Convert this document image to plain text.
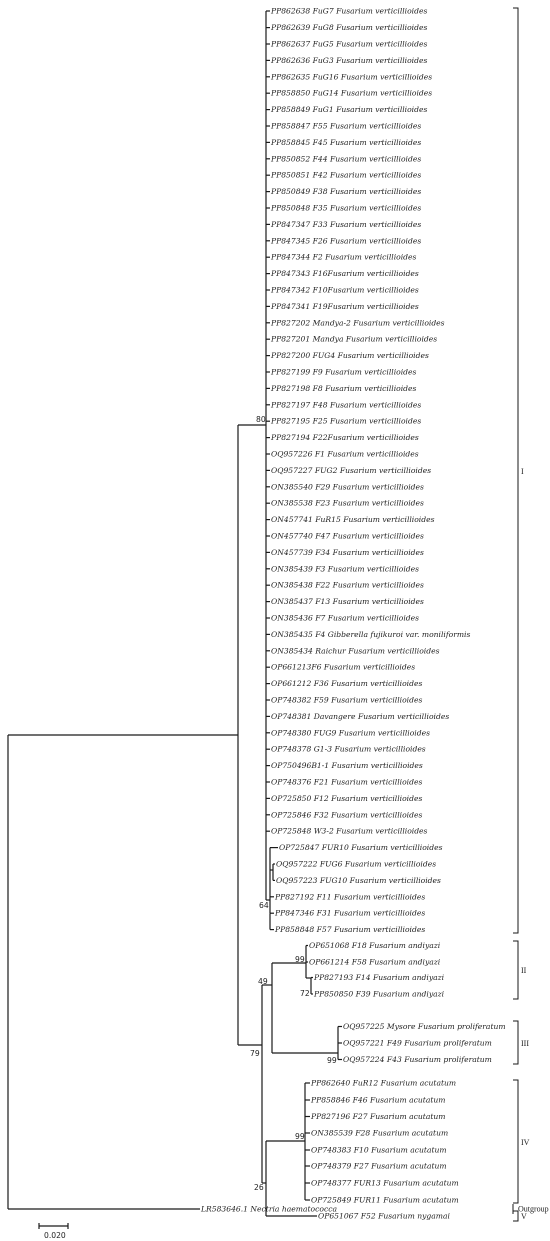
PP862638 FuG7 Fusarium verticillioides
PP862639 FuG8 Fusarium verticillioides
PP862637 FuG5 Fusarium verticillioides
PP862636 FuG3 Fusarium verticillioides
PP862635 FuG16 Fusarium verticillioides
PP858850 FuG14 Fusarium verticillioides
PP858849 FuG1 Fusarium verticillioides
PP858847 F55 Fusarium verticillioides
PP858845 F45 Fusarium verticillioides
PP850852 F44 Fusarium verticillioides
PP850851 F42 Fusarium verticillioides
PP850849 F38 Fusarium verticillioides
PP850848 F35 Fusarium verticillioides
PP847347 F33 Fusarium verticillioides
PP847345 F26 Fusarium verticillioides
PP847344 F2 Fusarium verticillioides
PP847343 F16Fusarium verticillioides
PP847342 F10Fusarium verticillioides
PP847341 F19Fusarium verticillioides
PP827202 Mandya-2 Fusarium verticillioides
PP827201 Mandya Fusarium verticillioides
PP827200 FUG4 Fusarium verticillioides
PP827199 F9 Fusarium verticillioides
PP827198 F8 Fusarium verticillioides
PP827197 F48 Fusarium verticillioides
PP827195 F25 Fusarium verticillioides
PP827194 F22Fusarium verticillioides
OQ957226 F1 Fusarium verticillioides
OQ957227 FUG2 Fusarium verticillioides
ON385540 F29 Fusarium verticillioides
ON385538 F23 Fusarium verticillioides
ON457741 FuR15 Fusarium verticillioides
ON457740 F47 Fusarium verticillioides
ON457739 F34 Fusarium verticillioides
ON385439 F3 Fusarium verticillioides
ON385438 F22 Fusarium verticillioides
ON385437 F13 Fusarium verticillioides
ON385436 F7 Fusarium verticillioides
ON385435 F4 Gibberella fujikuroi var. moniliformis
ON385434 Raichur Fusarium verticillioides
OP661213F6 Fusarium verticillioides
OP661212 F36 Fusarium verticillioides
OP748382 F59 Fusarium verticillioides
OP748381 Davangere Fusarium verticillioides
OP748380 FUG9 Fusarium verticillioides
OP748378 G1-3 Fusarium verticillioides
OP750496B1-1 Fusarium verticillioides
OP748376 F21 Fusarium verticillioides
OP725850 F12 Fusarium verticillioides
OP725846 F32 Fusarium verticillioides
OP725848 W3-2 Fusarium verticillioides
OP725847 FUR10 Fusarium verticillioides
OQ957222 FUG6 Fusarium verticillioides
OQ957223 FUG10 Fusarium verticillioides
PP827192 F11 Fusarium verticillioides
PP847346 F31 Fusarium verticillioides
PP858848 F57 Fusarium verticillioides
OP651068 F18 Fusarium andiyazi
OP661214 F58 Fusarium andiyazi
PP827193 F14 Fusarium andiyazi
PP850850 F39 Fusarium andiyazi
OQ957225 Mysore Fusarium proliferatum
OQ957221 F49 Fusarium proliferatum
OQ957224 F43 Fusarium proliferatum
PP862640 FuR12 Fusarium acutatum
PP858846 F46 Fusarium acutatum
PP827196 F27 Fusarium acutatum
ON385539 F28 Fusarium acutatum
OP748383 F10 Fusarium acutatum
OP748379 F27 Fusarium acutatum
OP748377 FUR13 Fusarium acutatum
OP725849 FUR11 Fusarium acutatum
OP651067 F52 Fusarium nygamai
LR583646.1 Nectria haematococca
80
64
99
72
49
99
79
99
26
I
II
III
IV
V
Outgroup
0.020
